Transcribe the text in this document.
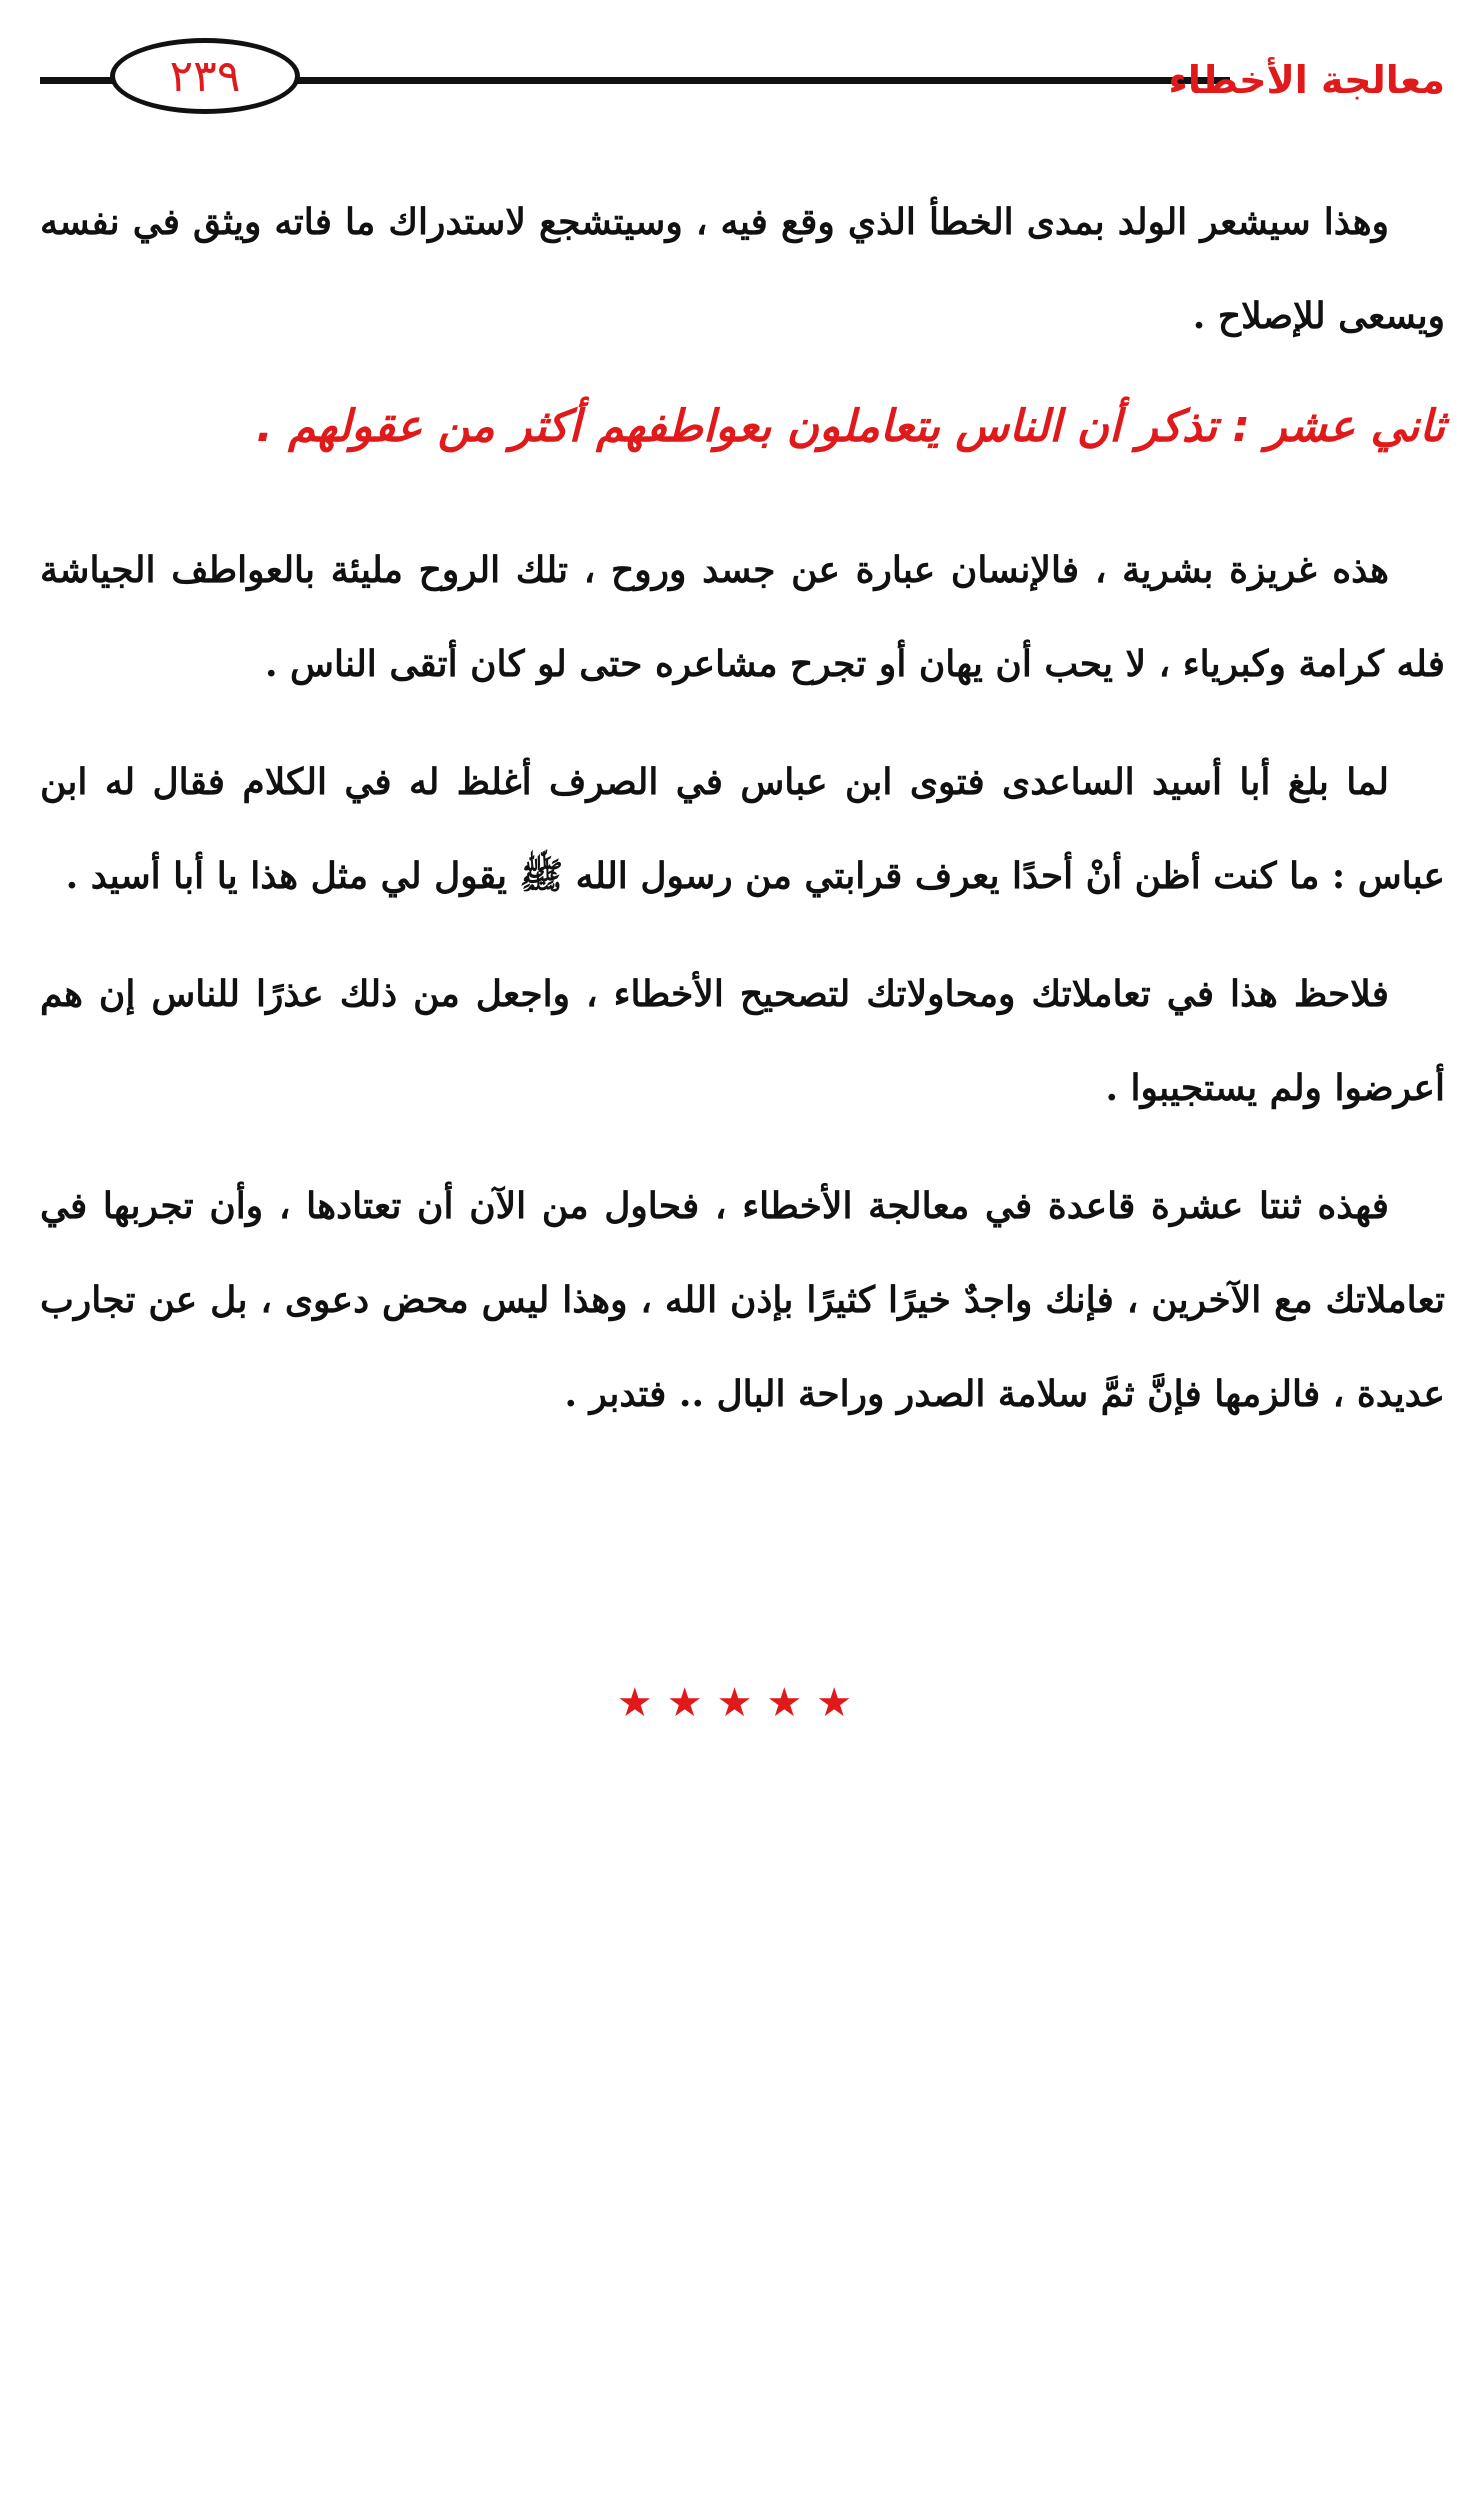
٢٣٩	معالجة الأخطاء

وهذا سيشعر الولد بمدى الخطأ الذي وقع فيه ، وسيتشجع لاستدراك ما فاته ويثق في نفسه ويسعى للإصلاح .

ثاني عشر : تذكر أن الناس يتعاملون بعواطفهم أكثر من عقولهم .

هذه غريزة بشرية ، فالإنسان عبارة عن جسد وروح ، تلك الروح مليئة بالعواطف الجياشة فله كرامة وكبرياء ، لا يحب أن يهان أو تجرح مشاعره حتى لو كان أتقى الناس .

لما بلغ أبا أسيد الساعدى فتوى ابن عباس في الصرف أغلظ له في الكلام فقال له ابن عباس : ما كنت أظن أنْ أحدًا يعرف قرابتي من رسول الله ﷺ يقول لي مثل هذا يا أبا أسيد .

فلاحظ هذا في تعاملاتك ومحاولاتك لتصحيح الأخطاء ، واجعل من ذلك عذرًا للناس إن هم أعرضوا ولم يستجيبوا .

فهذه ثنتا عشرة قاعدة في معالجة الأخطاء ، فحاول من الآن أن تعتادها ، وأن تجربها في تعاملاتك مع الآخرين ، فإنك واجدٌ خيرًا كثيرًا بإذن الله ، وهذا ليس محض دعوى ، بل عن تجارب عديدة ، فالزمها فإنَّ ثمَّ سلامة الصدر وراحة البال .. فتدبر .

★★★★★
